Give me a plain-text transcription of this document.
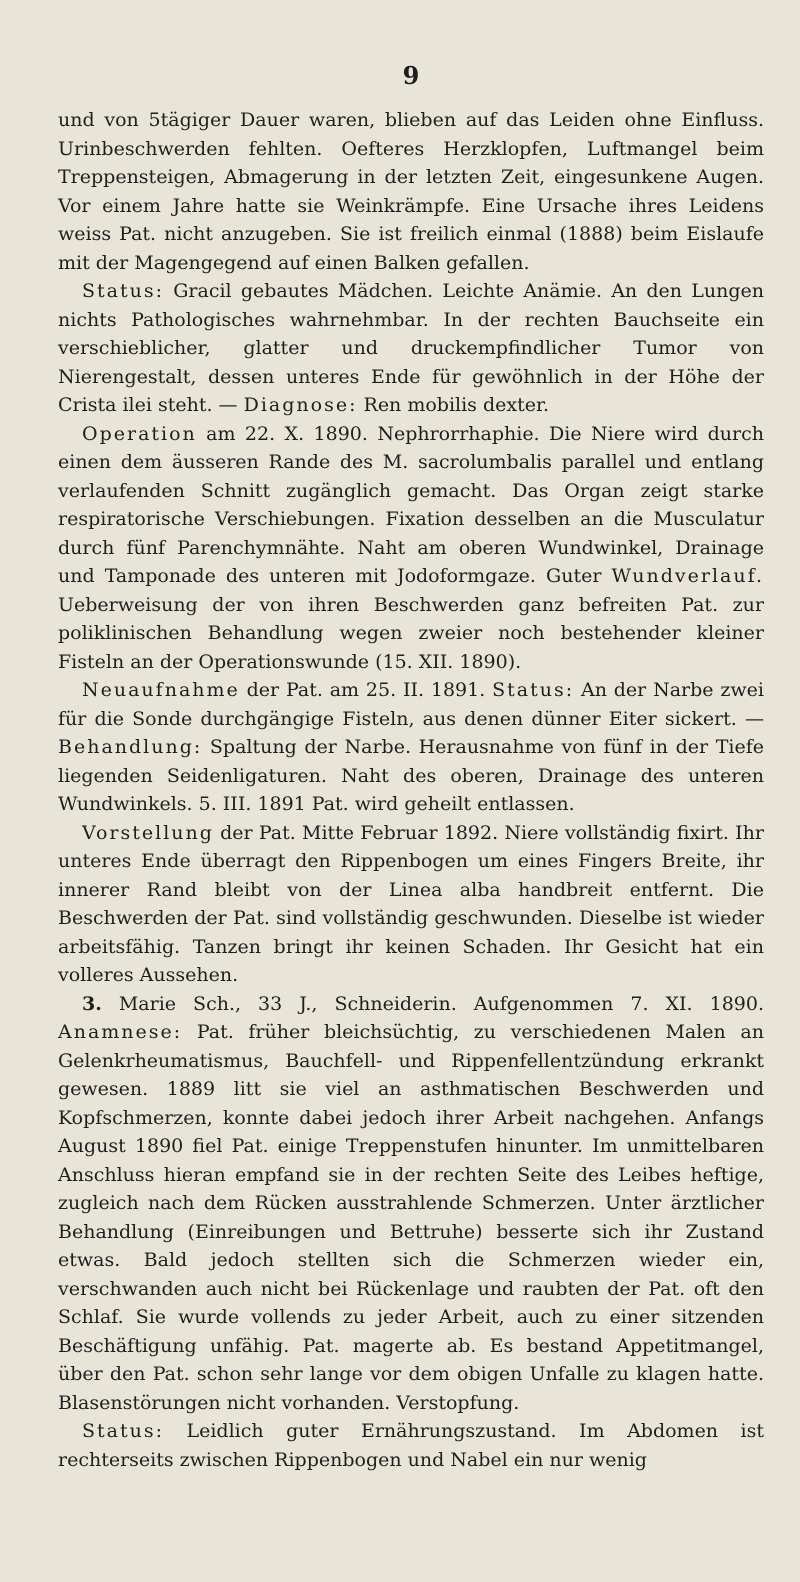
9

und von 5tägiger Dauer waren, blieben auf das Leiden ohne Einfluss. Urinbeschwerden fehlten. Oefteres Herzklopfen, Luftmangel beim Treppensteigen, Abmagerung in der letzten Zeit, eingesunkene Augen. Vor einem Jahre hatte sie Weinkrämpfe. Eine Ursache ihres Leidens weiss Pat. nicht anzugeben. Sie ist freilich einmal (1888) beim Eislaufe mit der Magengegend auf einen Balken gefallen.

Status: Gracil gebautes Mädchen. Leichte Anämie. An den Lungen nichts Pathologisches wahrnehmbar. In der rechten Bauchseite ein verschieblicher, glatter und druckempfindlicher Tumor von Nierengestalt, dessen unteres Ende für gewöhnlich in der Höhe der Crista ilei steht. — Diagnose: Ren mobilis dexter.

Operation am 22. X. 1890. Nephrorrhaphie. Die Niere wird durch einen dem äusseren Rande des M. sacrolumbalis parallel und entlang verlaufenden Schnitt zugänglich gemacht. Das Organ zeigt starke respiratorische Verschiebungen. Fixation desselben an die Musculatur durch fünf Parenchymnähte. Naht am oberen Wundwinkel, Drainage und Tamponade des unteren mit Jodoformgaze. Guter Wundverlauf. Ueberweisung der von ihren Beschwerden ganz befreiten Pat. zur poliklinischen Behandlung wegen zweier noch bestehender kleiner Fisteln an der Operationswunde (15. XII. 1890).

Neuaufnahme der Pat. am 25. II. 1891. Status: An der Narbe zwei für die Sonde durchgängige Fisteln, aus denen dünner Eiter sickert. — Behandlung: Spaltung der Narbe. Herausnahme von fünf in der Tiefe liegenden Seidenligaturen. Naht des oberen, Drainage des unteren Wundwinkels. 5. III. 1891 Pat. wird geheilt entlassen.

Vorstellung der Pat. Mitte Februar 1892. Niere vollständig fixirt. Ihr unteres Ende überragt den Rippenbogen um eines Fingers Breite, ihr innerer Rand bleibt von der Linea alba handbreit entfernt. Die Beschwerden der Pat. sind vollständig geschwunden. Dieselbe ist wieder arbeitsfähig. Tanzen bringt ihr keinen Schaden. Ihr Gesicht hat ein volleres Aussehen.

3. Marie Sch., 33 J., Schneiderin. Aufgenommen 7. XI. 1890. Anamnese: Pat. früher bleichsüchtig, zu verschiedenen Malen an Gelenkrheumatismus, Bauchfell- und Rippenfellentzündung erkrankt gewesen. 1889 litt sie viel an asthmatischen Beschwerden und Kopfschmerzen, konnte dabei jedoch ihrer Arbeit nachgehen. Anfangs August 1890 fiel Pat. einige Treppenstufen hinunter. Im unmittelbaren Anschluss hieran empfand sie in der rechten Seite des Leibes heftige, zugleich nach dem Rücken ausstrahlende Schmerzen. Unter ärztlicher Behandlung (Einreibungen und Bettruhe) besserte sich ihr Zustand etwas. Bald jedoch stellten sich die Schmerzen wieder ein, verschwanden auch nicht bei Rückenlage und raubten der Pat. oft den Schlaf. Sie wurde vollends zu jeder Arbeit, auch zu einer sitzenden Beschäftigung unfähig. Pat. magerte ab. Es bestand Appetitmangel, über den Pat. schon sehr lange vor dem obigen Unfalle zu klagen hatte. Blasenstörungen nicht vorhanden. Verstopfung.

Status: Leidlich guter Ernährungszustand. Im Abdomen ist rechterseits zwischen Rippenbogen und Nabel ein nur wenig
